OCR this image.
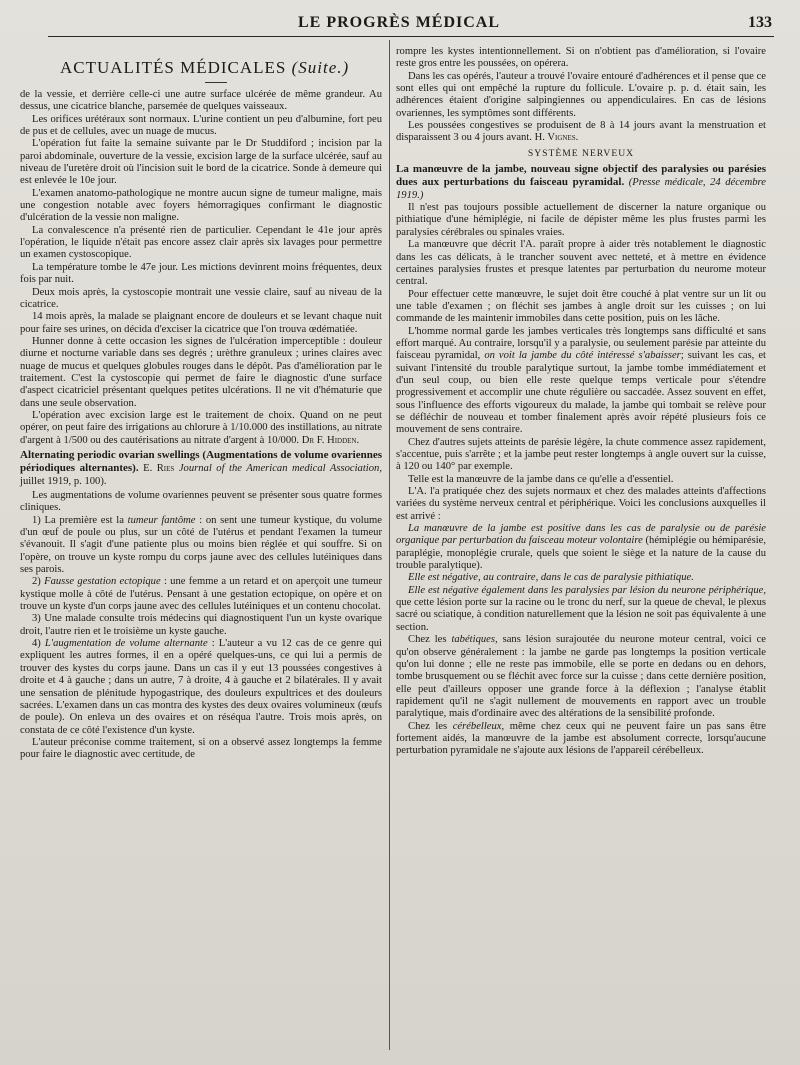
LE PROGRÈS MÉDICAL	133
ACTUALITÉS MÉDICALES (Suite.)

de la vessie, et derrière celle-ci une autre surface ulcérée de même grandeur. Au dessus, une cicatrice blanche, parsemée de quelques vaisseaux.

Les orifices urétéraux sont normaux. L'urine contient un peu d'albumine, fort peu de pus et de cellules, avec un nuage de mucus.

L'opération fut faite la semaine suivante par le Dr Studdiford ; incision par la paroi abdominale, ouverture de la vessie, excision large de la surface ulcérée, sauf au niveau de l'uretère droit où l'incision suit le bord de la cicatrice. Sonde à demeure qui est enlevée le 10e jour.

L'examen anatomo-pathologique ne montre aucun signe de tumeur maligne, mais une congestion notable avec foyers hémorragiques confirmant le diagnostic d'ulcération de la vessie non maligne.

La convalescence n'a présenté rien de particulier. Cependant le 41e jour après l'opération, le liquide n'était pas encore assez clair après six lavages pour permettre un examen cystoscopique.

La température tombe le 47e jour. Les mictions devinrent moins fréquentes, deux fois par nuit.

Deux mois après, la cystoscopie montrait une vessie claire, sauf au niveau de la cicatrice.

14 mois après, la malade se plaignant encore de douleurs et se levant chaque nuit pour faire ses urines, on décida d'exciser la cicatrice que l'on trouva œdématiée.

Hunner donne à cette occasion les signes de l'ulcération imperceptible : douleur diurne et nocturne variable dans ses degrés ; urèthre granuleux ; urines claires avec nuage de mucus et quelques globules rouges dans le dépôt. Pas d'amélioration par le traitement. C'est la cystoscopie qui permet de faire le diagnostic d'une surface d'aspect cicatriciel présentant quelques petites ulcérations. Il ne vit d'hématurie que dans une seule observation.

L'opération avec excision large est le traitement de choix. Quand on ne peut opérer, on peut faire des irrigations au chlorure à 1/10.000 des instillations, au nitrate d'argent à 1/500 ou des cautérisations au nitrate d'argent à 10/000. Dr F. Hidden.

Alternating periodic ovarian swellings (Augmentations de volume ovariennes périodiques alternantes). E. Ries Journal of the American medical Association, juillet 1919, p. 100).

Les augmentations de volume ovariennes peuvent se présenter sous quatre formes cliniques.

1) La première est la tumeur fantôme : on sent une tumeur kystique, du volume d'un œuf de poule ou plus, sur un côté de l'utérus et pendant l'examen la tumeur s'évanouit. Il s'agit d'une patiente plus ou moins bien réglée et qui souffre. Si on l'opère, on trouve un kyste rompu du corps jaune avec des cellules lutéiniques dans ses parois.

2) Fausse gestation ectopique : une femme a un retard et on aperçoit une tumeur kystique molle à côté de l'utérus. Pensant à une gestation ectopique, on opère et on trouve un kyste d'un corps jaune avec des cellules lutéiniques et un contenu chocolat.

3) Une malade consulte trois médecins qui diagnostiquent l'un un kyste ovarique droit, l'autre rien et le troisième un kyste gauche.

4) L'augmentation de volume alternante : L'auteur a vu 12 cas de ce genre qui expliquent les autres formes, il en a opéré quelques-uns, ce qui lui a permis de trouver des kystes du corps jaune. Dans un cas il y eut 13 poussées congestives à droite et 4 à gauche ; dans un autre, 7 à droite, 4 à gauche et 2 bilatérales. Il y avait une sensation de plénitude hypogastrique, des douleurs expultrices et des douleurs sacrées. L'examen dans un cas montra des kystes des deux ovaires volumineux (œufs de poule). On enleva un des ovaires et on réséqua l'autre. Trois mois après, on constata de ce côté l'existence d'un kyste.

L'auteur préconise comme traitement, si on a observé assez longtemps la femme pour faire le diagnostic avec certitude, de

rompre les kystes intentionnellement. Si on n'obtient pas d'amélioration, si l'ovaire reste gros entre les poussées, on opérera.

Dans les cas opérés, l'auteur a trouvé l'ovaire entouré d'adhérences et il pense que ce sont elles qui ont empêché la rupture du follicule. L'ovaire p. p. d. était sain, les adhérences étaient d'origine salpingiennes ou appendiculaires. En cas de lésions ovariennes, les symptômes sont différents.

Les poussées congestives se produisent de 8 à 14 jours avant la menstruation et disparaissent 3 ou 4 jours avant. H. Vignes.

SYSTÈME NERVEUX

La manœuvre de la jambe, nouveau signe objectif des paralysies ou parésies dues aux perturbations du faisceau pyramidal. (Presse médicale, 24 décembre 1919.)

Il n'est pas toujours possible actuellement de discerner la nature organique ou pithiatique d'une hémiplégie, ni facile de dépister même les plus frustes parmi les paralysies cérébrales ou spinales vraies.

La manœuvre que décrit l'A. paraît propre à aider très notablement le diagnostic dans les cas délicats, à le trancher souvent avec netteté, et à mettre en évidence certaines paralysies frustes et presque latentes par perturbation du neurome moteur central.

Pour effectuer cette manœuvre, le sujet doit être couché à plat ventre sur un lit ou une table d'examen ; on fléchit ses jambes à angle droit sur les cuisses ; on lui commande de les maintenir immobiles dans cette position, puis on les lâche.

L'homme normal garde les jambes verticales très longtemps sans difficulté et sans effort marqué. Au contraire, lorsqu'il y a paralysie, ou seulement parésie par atteinte du faisceau pyramidal, on voit la jambe du côté intéressé s'abaisser; suivant les cas, et suivant l'intensité du trouble paralytique surtout, la jambe tombe immédiatement et d'un seul coup, ou bien elle reste quelque temps verticale pour s'étendre progressivement et accomplir une chute régulière ou saccadée. Assez souvent en effet, sous l'influence des efforts vigoureux du malade, la jambe qui tombait se relève pour se défléchir de nouveau et tomber finalement après avoir répété plusieurs fois ce mouvement de sens contraire.

Chez d'autres sujets atteints de parésie légère, la chute commence assez rapidement, s'accentue, puis s'arrête ; et la jambe peut rester longtemps à angle ouvert sur la cuisse, à 120 ou 140° par exemple.

Telle est la manœuvre de la jambe dans ce qu'elle a d'essentiel.

L'A. l'a pratiquée chez des sujets normaux et chez des malades atteints d'affections variées du système nerveux central et périphérique. Voici les conclusions auxquelles il est arrivé :

La manœuvre de la jambe est positive dans les cas de paralysie ou de parésie organique par perturbation du faisceau moteur volontaire (hémiplégie ou hémiparésie, paraplégie, monoplégie crurale, quels que soient le siège et la nature de la cause du trouble paralytique).

Elle est négative, au contraire, dans le cas de paralysie pithiatique.

Elle est négative également dans les paralysies par lésion du neurone périphérique, que cette lésion porte sur la racine ou le tronc du nerf, sur la queue de cheval, le plexus sacré ou sciatique, à condition naturellement que la lésion ne soit pas équivalente à une section.

Chez les tabétiques, sans lésion surajoutée du neurone moteur central, voici ce qu'on observe généralement : la jambe ne garde pas longtemps la position verticale qu'on lui donne ; elle ne reste pas immobile, elle se porte en dedans ou en dehors, tombe brusquement ou se fléchit avec force sur la cuisse ; dans cette dernière position, elle peut d'ailleurs opposer une grande force à la déflexion ; l'analyse établit rapidement qu'il ne s'agit nullement de mouvements en rapport avec un trouble paralytique, mais d'ordinaire avec des altérations de la sensibilité profonde.

Chez les cérébelleux, même chez ceux qui ne peuvent faire un pas sans être fortement aidés, la manœuvre de la jambe est absolument correcte, lorsqu'aucune perturbation pyramidale ne s'ajoute aux lésions de l'appareil cérébelleux.
